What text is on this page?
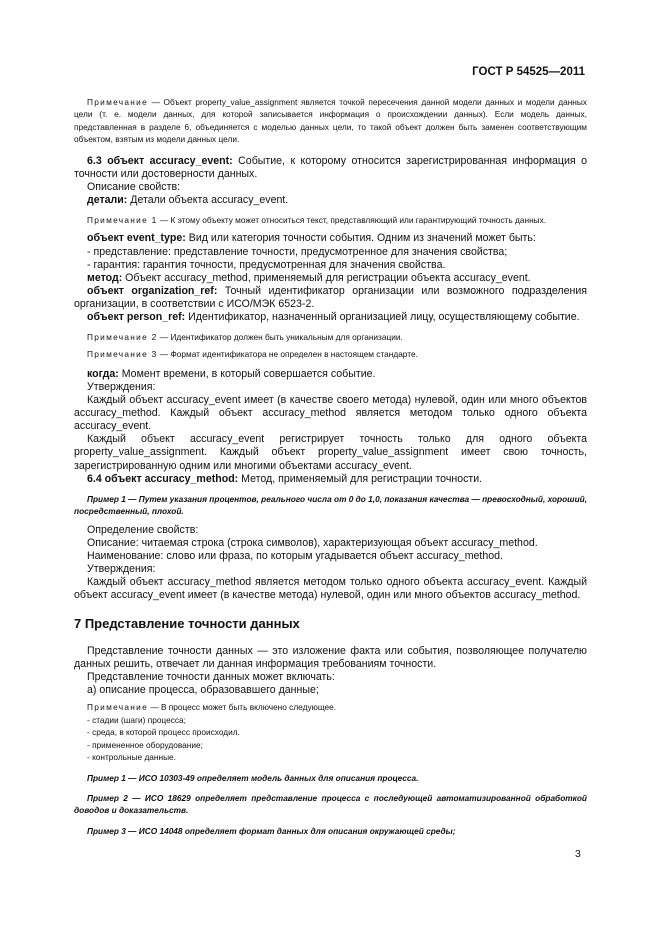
ГОСТ Р 54525—2011

Примечание — Объект property_value_assignment является точкой пересечения данной модели данных и модели данных цели (т. е. модели данных, для которой записывается информация о происхождении данных). Если модель данных, представленная в разделе 6, объединяется с моделью данных цели, то такой объект должен быть заменен соответствующим объектом, взятым из модели данных цели.

6.3 объект accuracy_event: Событие, к которому относится зарегистрированная информация о точности или достоверности данных.

Описание свойств:

детали: Детали объекта accuracy_event.

Примечание 1 — К этому объекту может относиться текст, представляющий или гарантирующий точность данных.

объект event_type: Вид или категория точности события. Одним из значений может быть:

- представление: представление точности, предусмотренное для значения свойства;

- гарантия: гарантия точности, предусмотренная для значения свойства.

метод: Объект accuracy_method, применяемый для регистрации объекта accuracy_event.

объект organization_ref: Точный идентификатор организации или возможного подразделения организации, в соответствии с ИСО/МЭК 6523-2.

объект person_ref: Идентификатор, назначенный организацией лицу, осуществляющему событие.

Примечание 2 — Идентификатор должен быть уникальным для организации.

Примечание 3 — Формат идентификатора не определен в настоящем стандарте.

когда: Момент времени, в который совершается событие.

Утверждения:

Каждый объект accuracy_event имеет (в качестве своего метода) нулевой, один или много объектов accuracy_method. Каждый объект accuracy_method является методом только одного объекта accuracy_event.

Каждый объект accuracy_event регистрирует точность только для одного объекта property_value_assignment. Каждый объект property_value_assignment имеет свою точность, зарегистрированную одним или многими объектами accuracy_event.

6.4 объект accuracy_method: Метод, применяемый для регистрации точности.

Пример 1 — Путем указания процентов, реального числа от 0 до 1,0, показания качества — превосходный, хороший, посредственный, плохой.

Определение свойств:

Описание: читаемая строка (строка символов), характеризующая объект accuracy_method.

Наименование: слово или фраза, по которым угадывается объект accuracy_method.

Утверждения:

Каждый объект accuracy_method является методом только одного объекта accuracy_event. Каждый объект accuracy_event имеет (в качестве метода) нулевой, один или много объектов accuracy_method.

7 Представление точности данных

Представление точности данных — это изложение факта или события, позволяющее получателю данных решить, отвечает ли данная информация требованиям точности.

Представление точности данных может включать:

а) описание процесса, образовавшего данные;

Примечание — В процесс может быть включено следующее.

- стадии (шаги) процесса;

- среда, в которой процесс происходил.

- примененное оборудование;

- контрольные данные.

Пример 1 — ИСО 10303-49 определяет модель данных для описания процесса.

Пример 2 — ИСО 18629 определяет представление процесса с последующей автоматизированной обработкой доводов и доказательств.

Пример 3 — ИСО 14048 определяет формат данных для описания окружающей среды;

3
